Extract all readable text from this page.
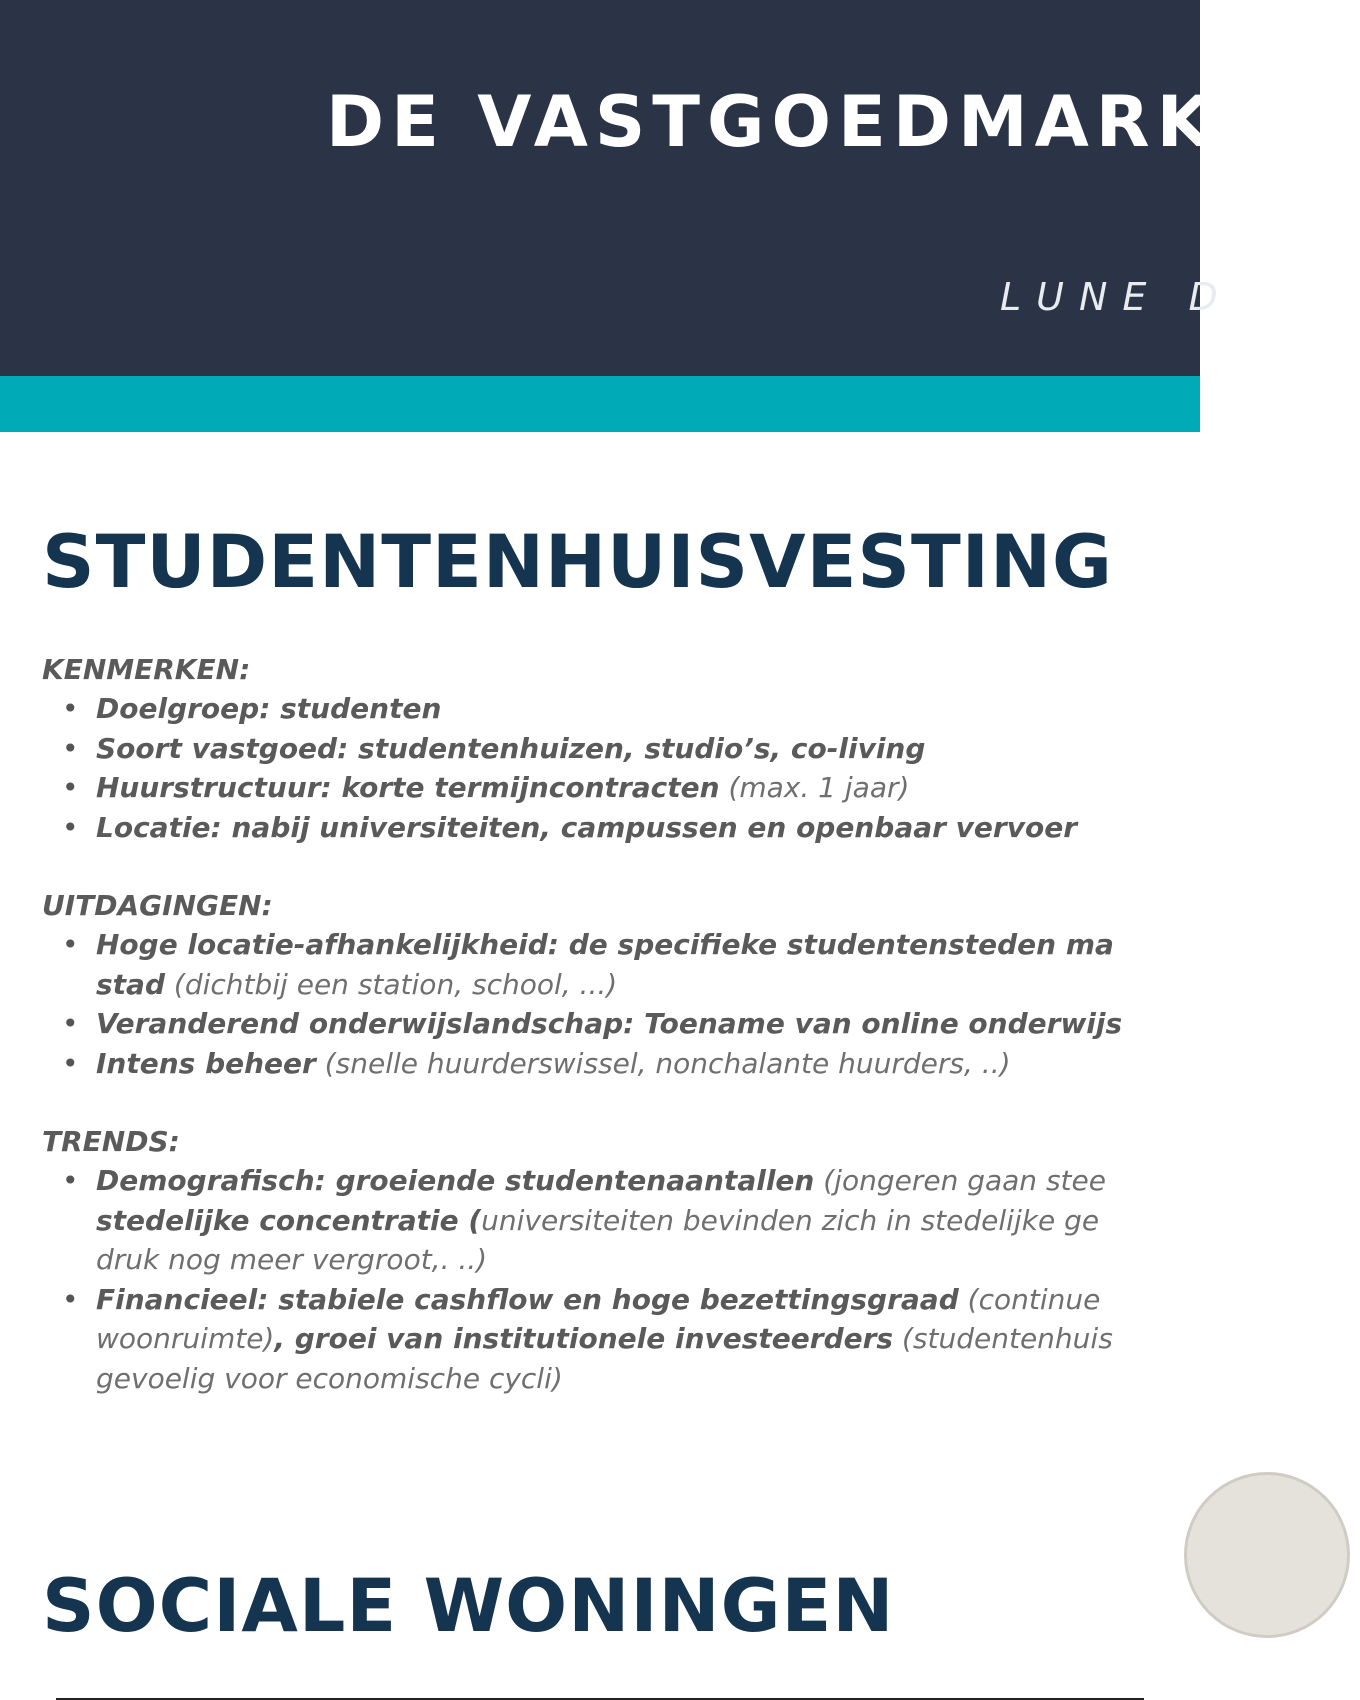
DE VASTGOEDMARKT
LUNE D
STUDENTENHUISVESTING
KENMERKEN:
• Doelgroep: studenten
• Soort vastgoed: studentenhuizen, studio’s, co-living
• Huurstructuur: korte termijncontracten (max. 1 jaar)
• Locatie: nabij universiteiten, campussen en openbaar vervoer
UITDAGINGEN:
• Hoge locatie-afhankelijkheid: de specifieke studentensteden ma
stad (dichtbij een station, school, ...)
• Veranderend onderwijslandschap: Toename van online onderwijs
• Intens beheer (snelle huurderswissel, nonchalante huurders, ..)
TRENDS:
• Demografisch: groeiende studentenaantallen (jongeren gaan stee
stedelijke concentratie (universiteiten bevinden zich in stedelijke ge
druk nog meer vergroot,. ..)
• Financieel: stabiele cashflow en hoge bezettingsgraad (continue
woonruimte), groei van institutionele investeerders (studentenhuis
gevoelig voor economische cycli)
SOCIALE WONINGEN
